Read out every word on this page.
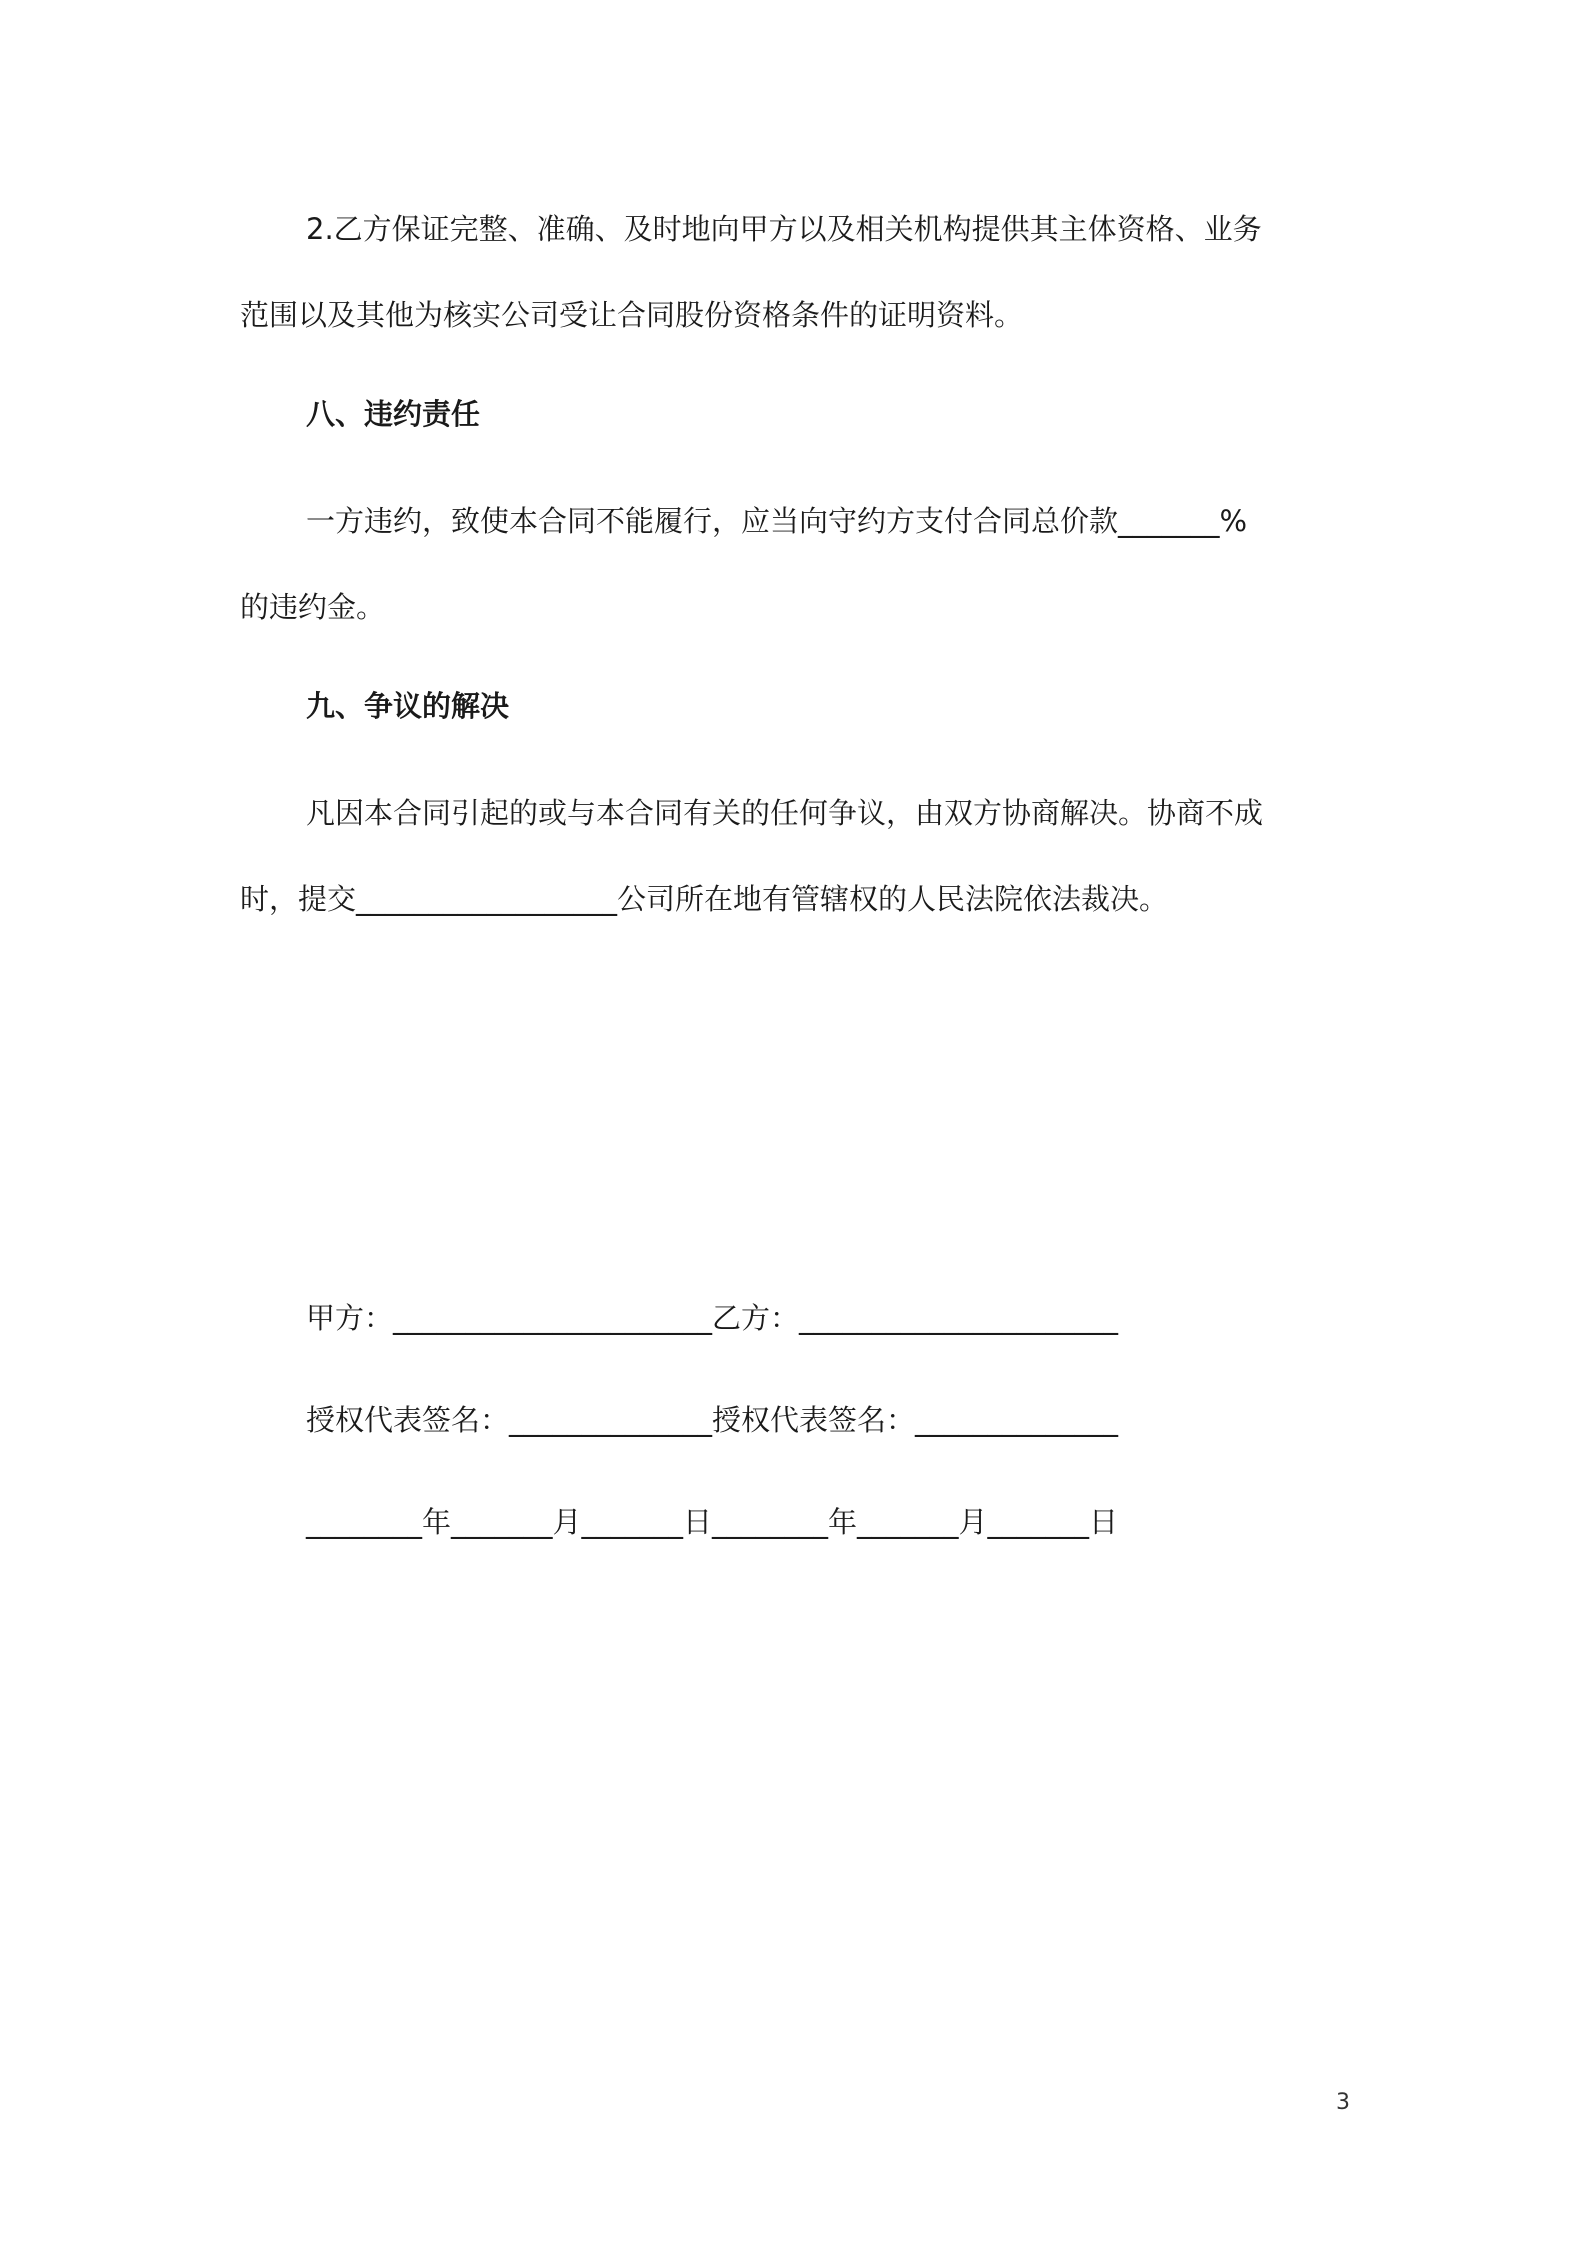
2.乙方保证完整、准确、及时地向甲方以及相关机构提供其主体资格、业务
范围以及其他为核实公司受让合同股份资格条件的证明资料。
八、违约责任
一方违约，致使本合同不能履行，应当向守约方支付合同总价款_______%
的违约金。
九、争议的解决
凡因本合同引起的或与本合同有关的任何争议，由双方协商解决。协商不成
时，提交__________________公司所在地有管辖权的人民法院依法裁决。
甲方：______________________乙方：______________________
授权代表签名：______________授权代表签名：______________
________年_______月_______日________年_______月_______日
3
